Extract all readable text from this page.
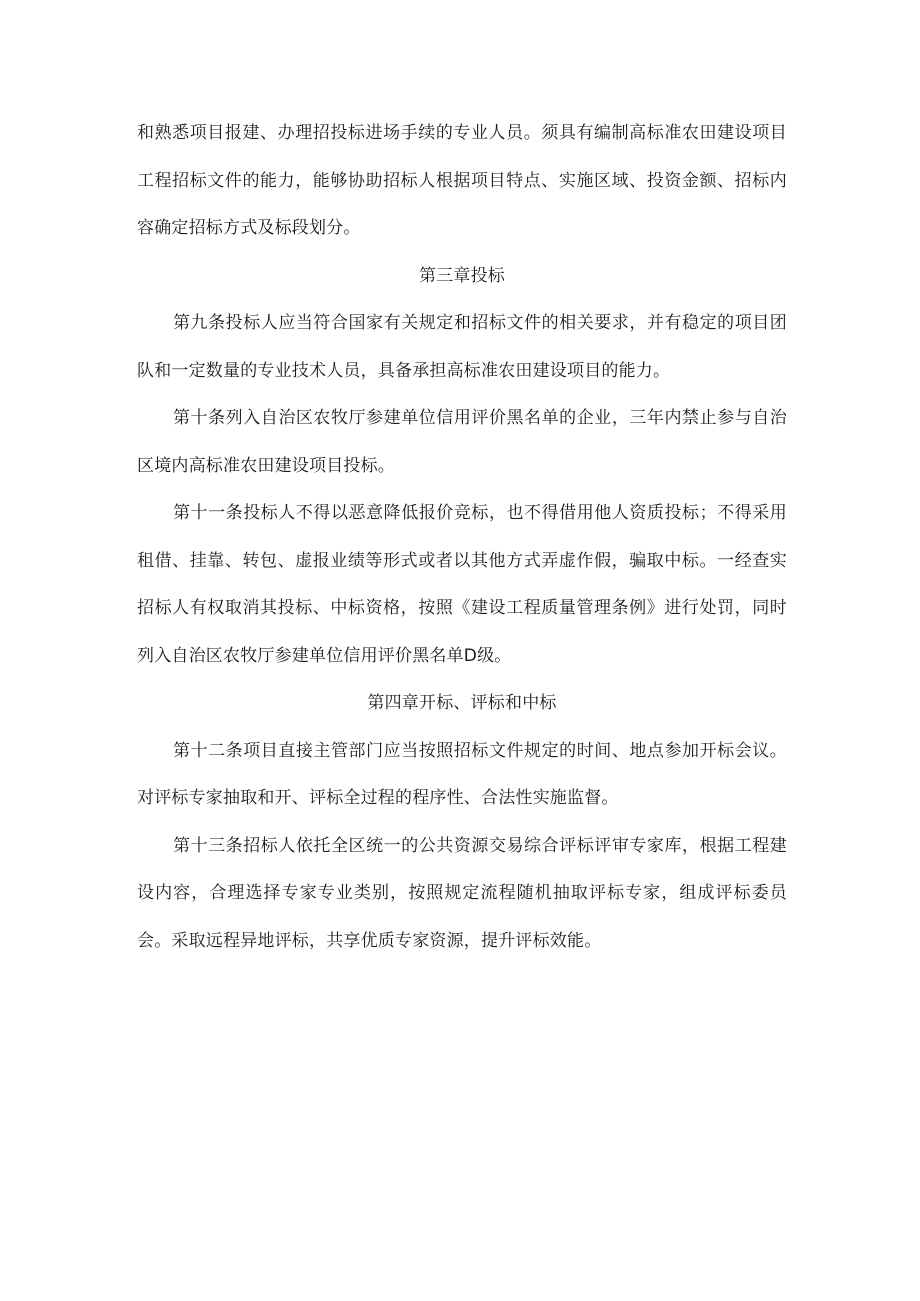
和熟悉项目报建、办理招投标进场手续的专业人员。须具有编制高标准农田建设项目工程招标文件的能力，能够协助招标人根据项目特点、实施区域、投资金额、招标内容确定招标方式及标段划分。

第三章投标

第九条投标人应当符合国家有关规定和招标文件的相关要求，并有稳定的项目团队和一定数量的专业技术人员，具备承担高标准农田建设项目的能力。

第十条列入自治区农牧厅参建单位信用评价黑名单的企业，三年内禁止参与自治区境内高标准农田建设项目投标。

第十一条投标人不得以恶意降低报价竞标，也不得借用他人资质投标；不得采用租借、挂靠、转包、虚报业绩等形式或者以其他方式弄虚作假，骗取中标。一经查实招标人有权取消其投标、中标资格，按照《建设工程质量管理条例》进行处罚，同时列入自治区农牧厅参建单位信用评价黑名单D级。

第四章开标、评标和中标

第十二条项目直接主管部门应当按照招标文件规定的时间、地点参加开标会议。对评标专家抽取和开、评标全过程的程序性、合法性实施监督。

第十三条招标人依托全区统一的公共资源交易综合评标评审专家库，根据工程建设内容，合理选择专家专业类别，按照规定流程随机抽取评标专家，组成评标委员会。采取远程异地评标，共享优质专家资源，提升评标效能。
